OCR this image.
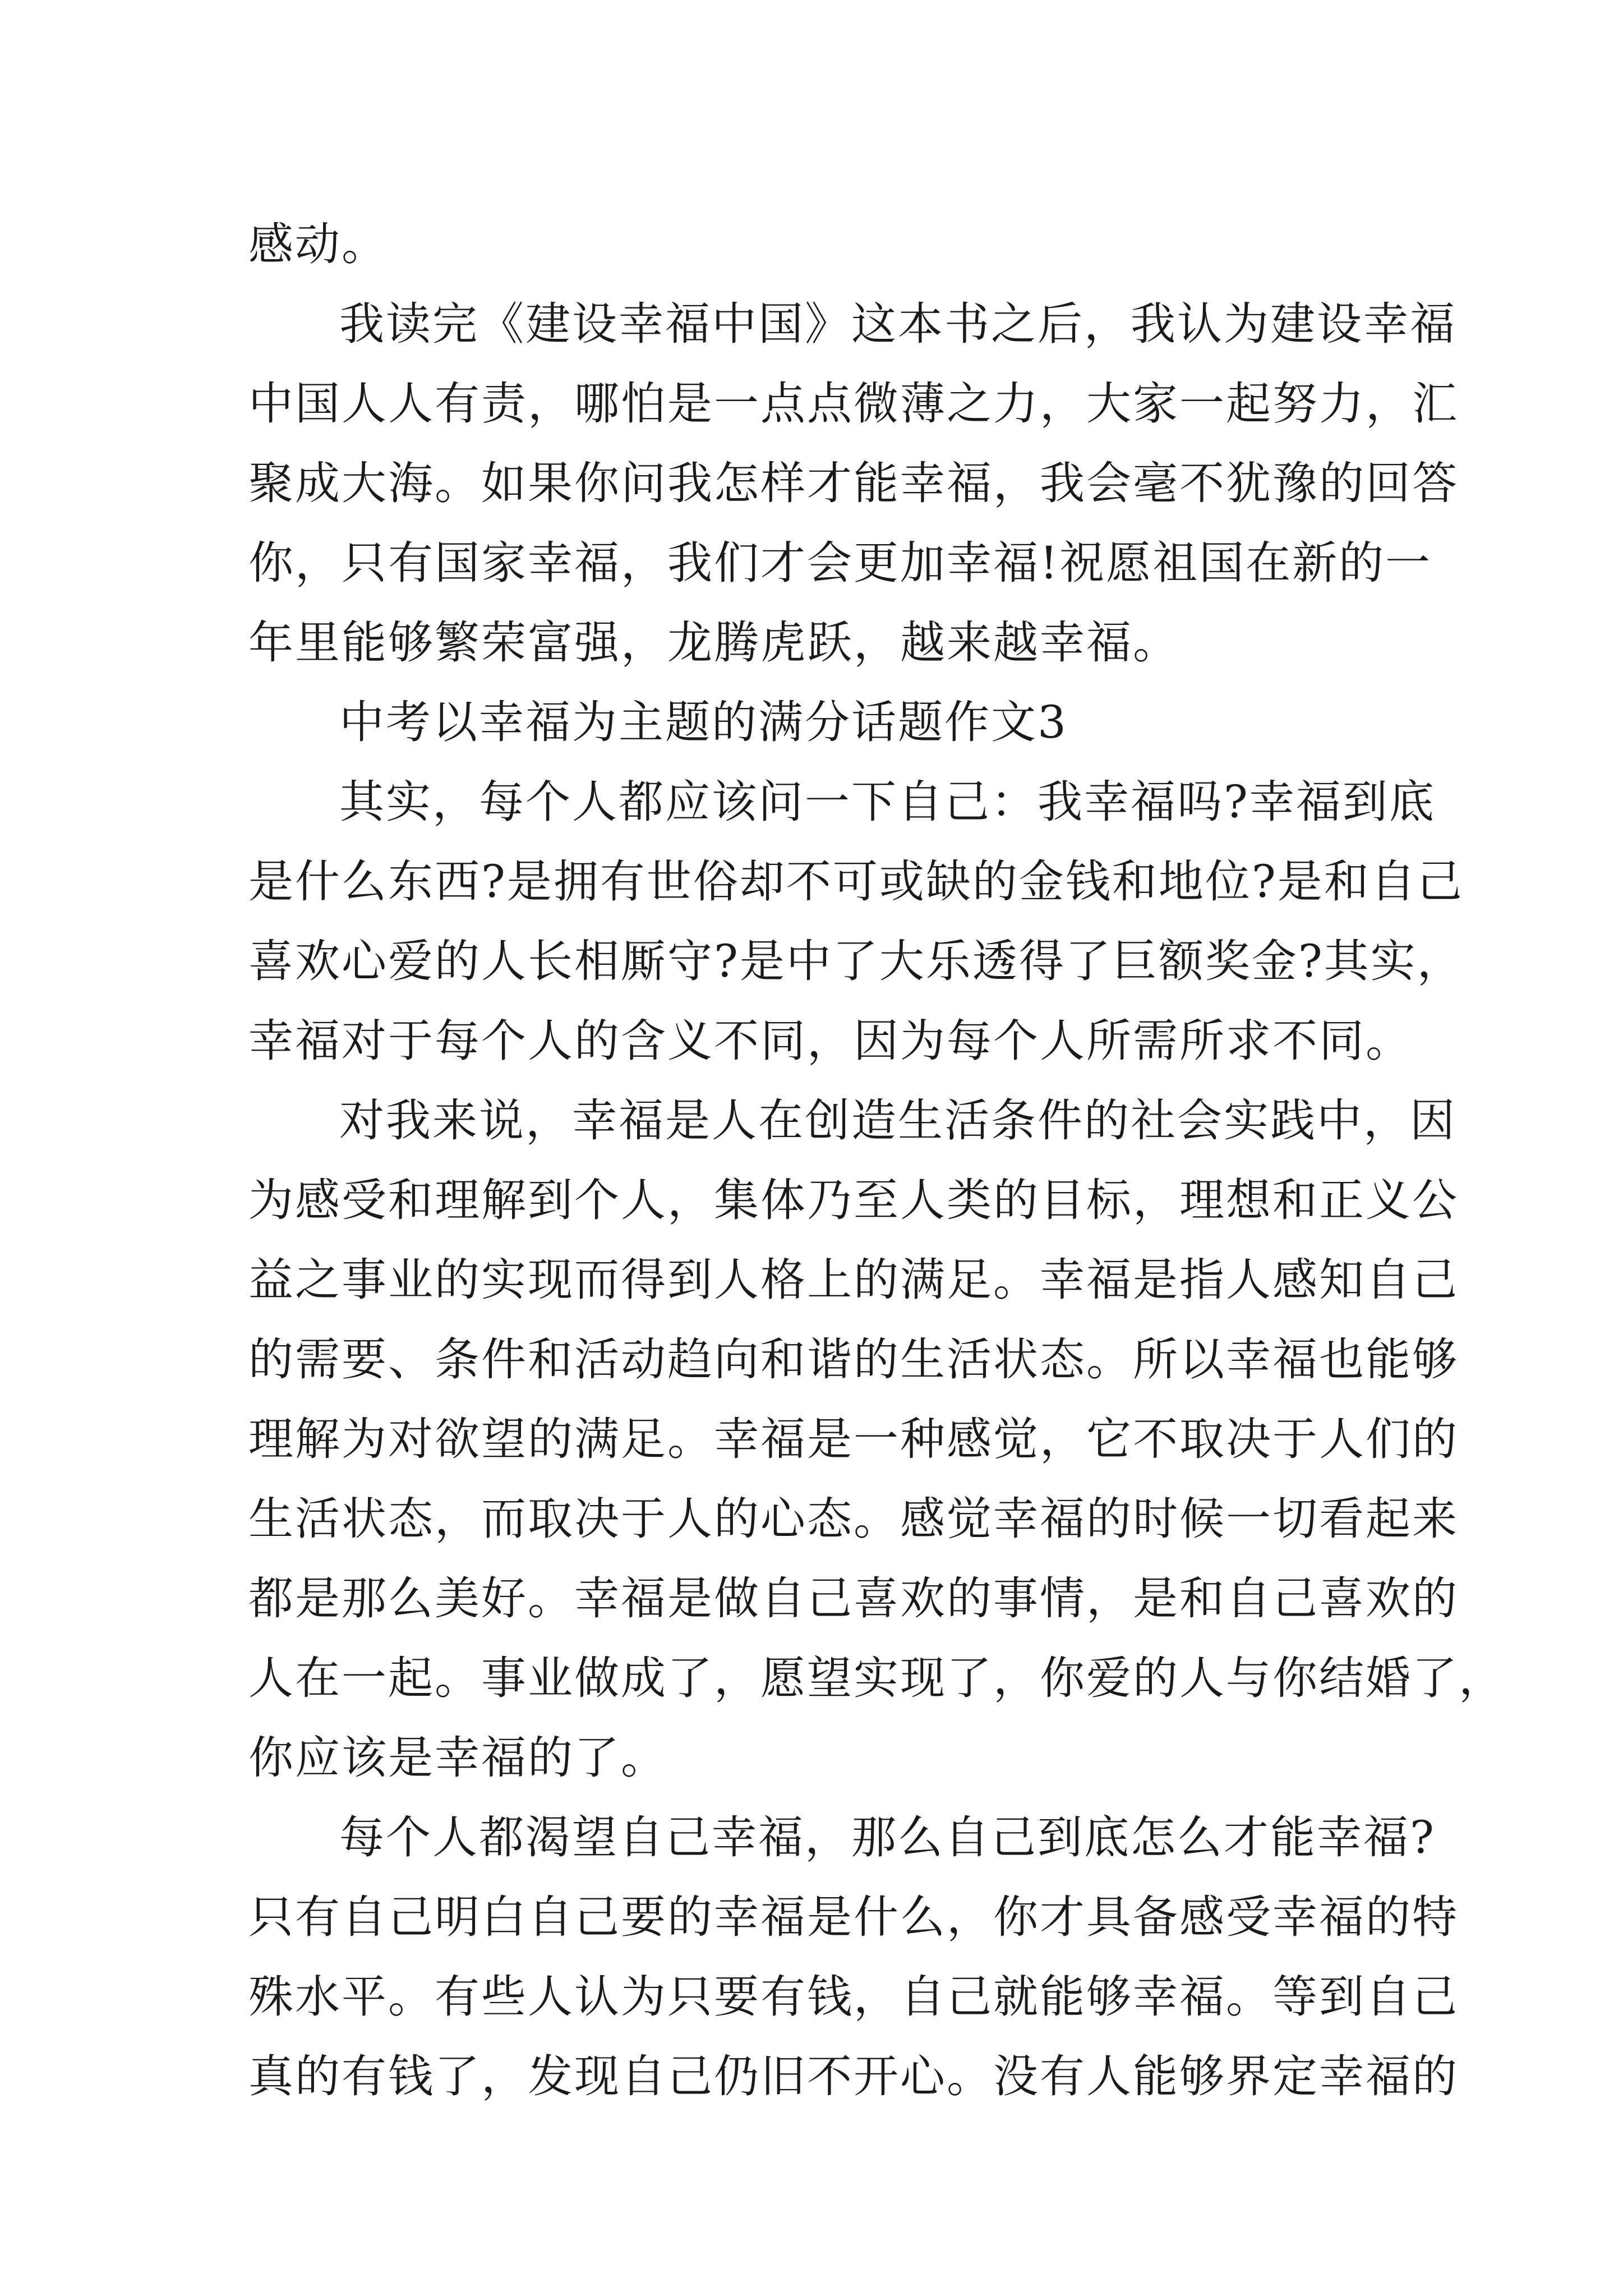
感动。
我读完《建设幸福中国》这本书之后，我认为建设幸福
中国人人有责，哪怕是一点点微薄之力，大家一起努力，汇
聚成大海。如果你问我怎样才能幸福，我会毫不犹豫的回答
你，只有国家幸福，我们才会更加幸福!祝愿祖国在新的一
年里能够繁荣富强，龙腾虎跃，越来越幸福。
中考以幸福为主题的满分话题作文3
其实，每个人都应该问一下自己：我幸福吗?幸福到底
是什么东西?是拥有世俗却不可或缺的金钱和地位?是和自己
喜欢心爱的人长相厮守?是中了大乐透得了巨额奖金?其实，
幸福对于每个人的含义不同，因为每个人所需所求不同。
对我来说，幸福是人在创造生活条件的社会实践中，因
为感受和理解到个人，集体乃至人类的目标，理想和正义公
益之事业的实现而得到人格上的满足。幸福是指人感知自己
的需要、条件和活动趋向和谐的生活状态。所以幸福也能够
理解为对欲望的满足。幸福是一种感觉，它不取决于人们的
生活状态，而取决于人的心态。感觉幸福的时候一切看起来
都是那么美好。幸福是做自己喜欢的事情，是和自己喜欢的
人在一起。事业做成了，愿望实现了，你爱的人与你结婚了，
你应该是幸福的了。
每个人都渴望自己幸福，那么自己到底怎么才能幸福?
只有自己明白自己要的幸福是什么，你才具备感受幸福的特
殊水平。有些人认为只要有钱，自己就能够幸福。等到自己
真的有钱了，发现自己仍旧不开心。没有人能够界定幸福的
